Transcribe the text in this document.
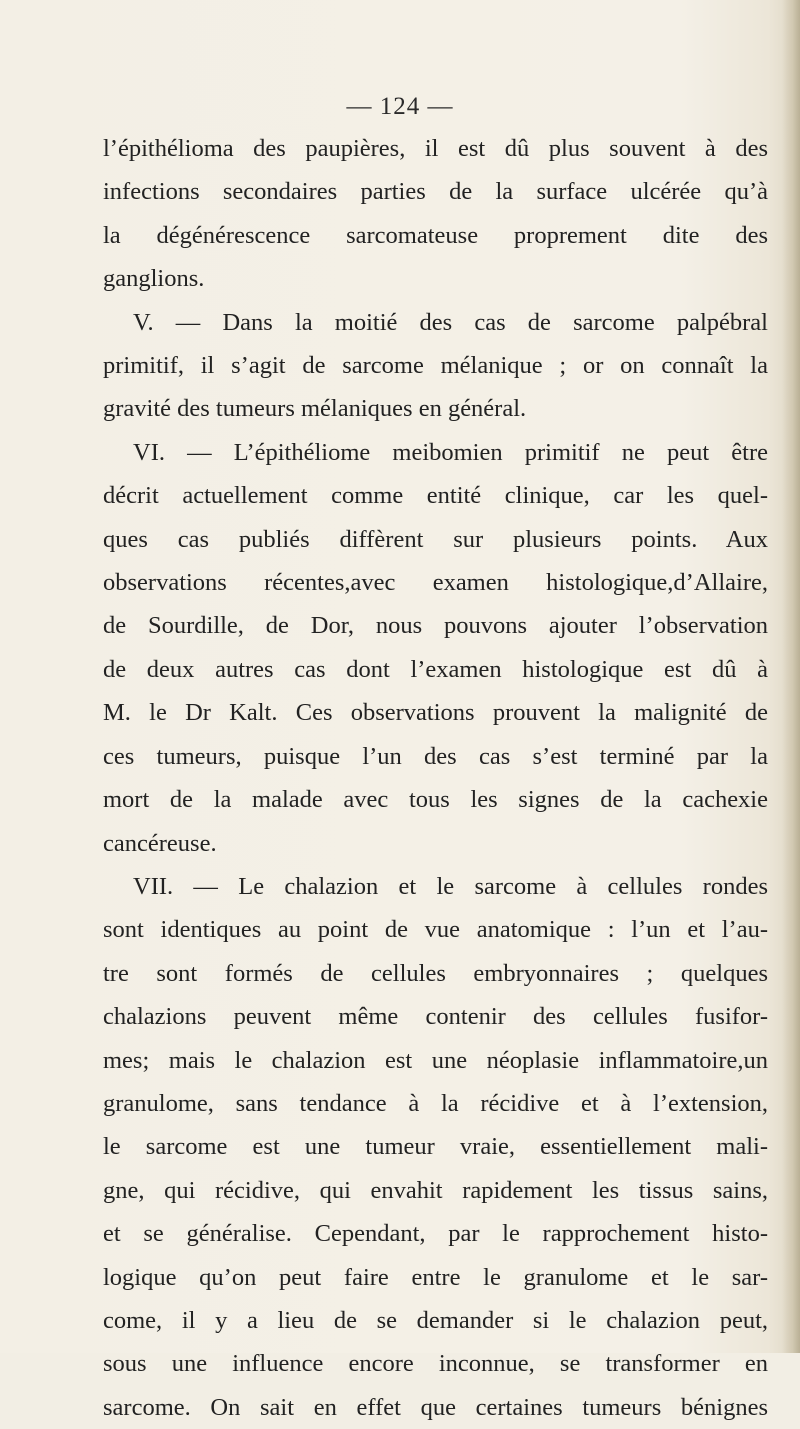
— 124 —
l’épithélioma des paupières, il est dû plus souvent à des
infections secondaires parties de la surface ulcérée qu’à
la dégénérescence sarcomateuse proprement dite des
ganglions.
V. — Dans la moitié des cas de sarcome palpébral
primitif, il s’agit de sarcome mélanique ; or on connaît la
gravité des tumeurs mélaniques en général.
VI. — L’épithéliome meibomien primitif ne peut être
décrit actuellement comme entité clinique, car les quel-
ques cas publiés diffèrent sur plusieurs points. Aux
observations récentes,avec examen histologique,d’Allaire,
de Sourdille, de Dor, nous pouvons ajouter l’observation
de deux autres cas dont l’examen histologique est dû à
M. le Dr Kalt. Ces observations prouvent la malignité de
ces tumeurs, puisque l’un des cas s’est terminé par la
mort de la malade avec tous les signes de la cachexie
cancéreuse.
VII. — Le chalazion et le sarcome à cellules rondes
sont identiques au point de vue anatomique : l’un et l’au-
tre sont formés de cellules embryonnaires ; quelques
chalazions peuvent même contenir des cellules fusifor-
mes; mais le chalazion est une néoplasie inflammatoire,un
granulome, sans tendance à la récidive et à l’extension,
le sarcome est une tumeur vraie, essentiellement mali-
gne, qui récidive, qui envahit rapidement les tissus sains,
et se généralise. Cependant, par le rapprochement histo-
logique qu’on peut faire entre le granulome et le sar-
come, il y a lieu de se demander si le chalazion peut,
sous une influence encore inconnue, se transformer en
sarcome. On sait en effet que certaines tumeurs bénignes
